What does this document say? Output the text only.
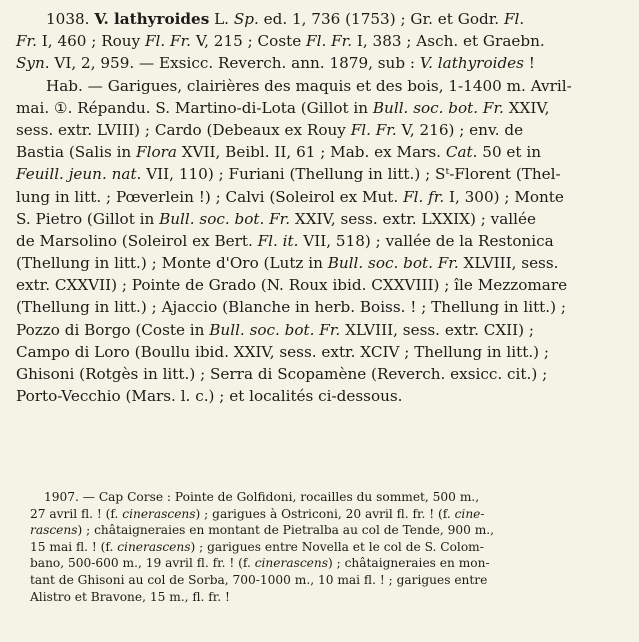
1038. V. lathyroides L. Sp. ed. 1, 736 (1753) ; Gr. et Godr. Fl.
Fr. I, 460 ; Rouy Fl. Fr. V, 215 ; Coste Fl. Fr. I, 383 ; Asch. et Graebn.
Syn. VI, 2, 959. — Exsicc. Reverch. ann. 1879, sub : V. lathyroides !
Hab. — Garigues, clairières des maquis et des bois, 1-1400 m. Avril-
mai. ①. Répandu. S. Martino-di-Lota (Gillot in Bull. soc. bot. Fr. XXIV,
sess. extr. LVIII) ; Cardo (Debeaux ex Rouy Fl. Fr. V, 216) ; env. de
Bastia (Salis in Flora XVII, Beibl. II, 61 ; Mab. ex Mars. Cat. 50 et in
Feuill. jeun. nat. VII, 110) ; Furiani (Thellung in litt.) ; Sᵗ-Florent (Thel-
lung in litt. ; Pœverlein !) ; Calvi (Soleirol ex Mut. Fl. fr. I, 300) ; Monte
S. Pietro (Gillot in Bull. soc. bot. Fr. XXIV, sess. extr. LXXIX) ; vallée
de Marsolino (Soleirol ex Bert. Fl. it. VII, 518) ; vallée de la Restonica
(Thellung in litt.) ; Monte d'Oro (Lutz in Bull. soc. bot. Fr. XLVIII, sess.
extr. CXXVII) ; Pointe de Grado (N. Roux ibid. CXXVIII) ; île Mezzomare
(Thellung in litt.) ; Ajaccio (Blanche in herb. Boiss. ! ; Thellung in litt.) ;
Pozzo di Borgo (Coste in Bull. soc. bot. Fr. XLVIII, sess. extr. CXII) ;
Campo di Loro (Boullu ibid. XXIV, sess. extr. XCIV ; Thellung in litt.) ;
Ghisoni (Rotgès in litt.) ; Serra di Scopamène (Reverch. exsicc. cit.) ;
Porto-Vecchio (Mars. l. c.) ; et localités ci-dessous.
1907. — Cap Corse : Pointe de Golfidoni, rocailles du sommet, 500 m.,
27 avril fl. ! (f. cinerascens) ; garigues à Ostriconi, 20 avril fl. fr. ! (f. cine-
rascens) ; châtaigneraies en montant de Pietralba au col de Tende, 900 m.,
15 mai fl. ! (f. cinerascens) ; garigues entre Novella et le col de S. Colom-
bano, 500-600 m., 19 avril fl. fr. ! (f. cinerascens) ; châtaigneraies en mon-
tant de Ghisoni au col de Sorba, 700-1000 m., 10 mai fl. ! ; garigues entre
Alistro et Bravone, 15 m., fl. fr. !
